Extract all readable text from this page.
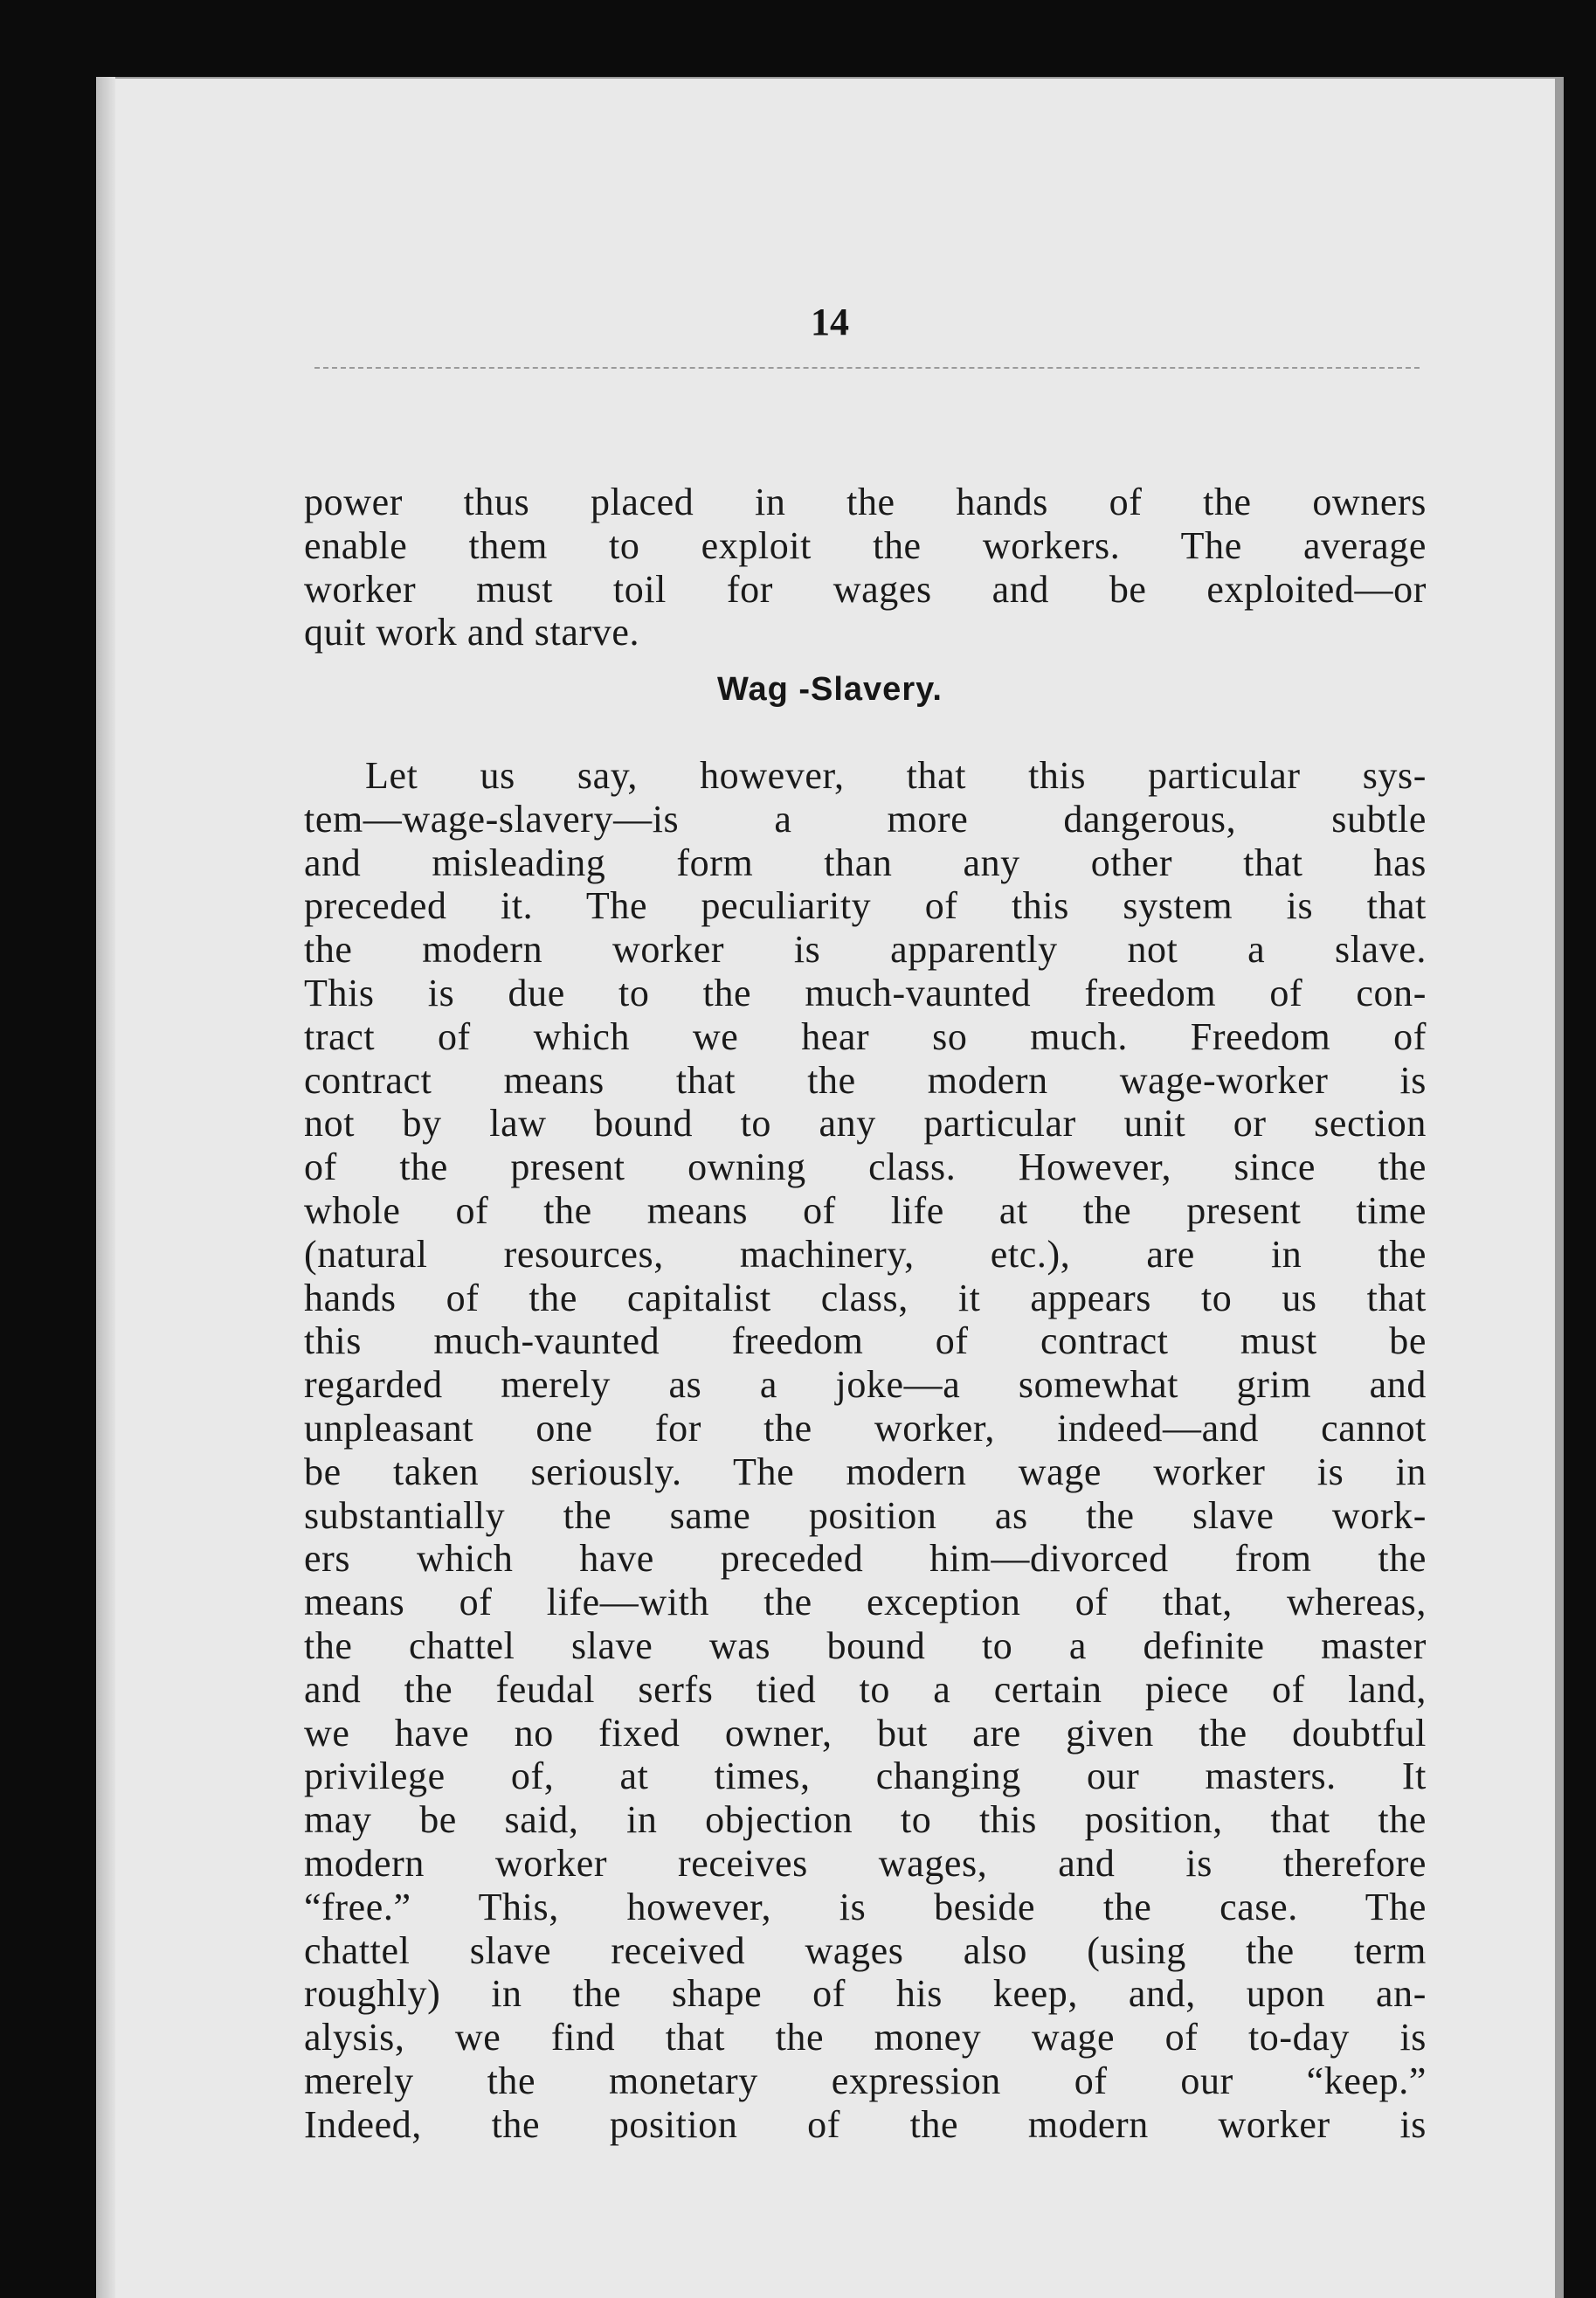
14
power thus placed in the hands of the owners
enable them to exploit the workers. The average
worker must toil for wages and be exploited—or
quit work and starve.
Wag -Slavery.
Let us say, however, that this particular sys-
tem—wage-slavery—is a more dangerous, subtle
and misleading form than any other that has
preceded it. The peculiarity of this system is that
the modern worker is apparently not a slave.
This is due to the much-vaunted freedom of con-
tract of which we hear so much. Freedom of
contract means that the modern wage-worker is
not by law bound to any particular unit or section
of the present owning class. However, since the
whole of the means of life at the present time
(natural resources, machinery, etc.), are in the
hands of the capitalist class, it appears to us that
this much-vaunted freedom of contract must be
regarded merely as a joke—a somewhat grim and
unpleasant one for the worker, indeed—and cannot
be taken seriously. The modern wage worker is in
substantially the same position as the slave work-
ers which have preceded him—divorced from the
means of life—with the exception of that, whereas,
the chattel slave was bound to a definite master
and the feudal serfs tied to a certain piece of land,
we have no fixed owner, but are given the doubtful
privilege of, at times, changing our masters. It
may be said, in objection to this position, that the
modern worker receives wages, and is therefore
“free.” This, however, is beside the case. The
chattel slave received wages also (using the term
roughly) in the shape of his keep, and, upon an-
alysis, we find that the money wage of to-day is
merely the monetary expression of our “keep.”
Indeed, the position of the modern worker is
